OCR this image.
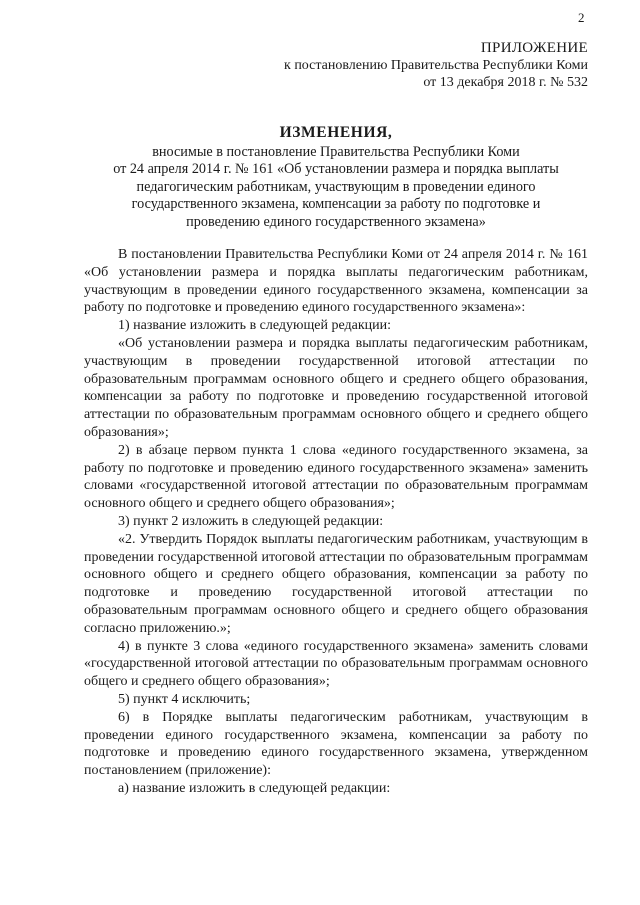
2
ПРИЛОЖЕНИЕ
к постановлению Правительства Республики Коми
от 13 декабря 2018 г. № 532
ИЗМЕНЕНИЯ,
вносимые в постановление Правительства Республики Коми
от 24 апреля 2014 г. № 161 «Об установлении размера и порядка выплаты
педагогическим работникам, участвующим в проведении единого
государственного экзамена, компенсации за работу по подготовке и
проведению единого государственного экзамена»

В постановлении Правительства Республики Коми от 24 апреля 2014 г. № 161 «Об установлении размера и порядка выплаты педагогическим работникам, участвующим в проведении единого государственного экзамена, компенсации за работу по подготовке и проведению единого государственного экзамена»:

1) название изложить в следующей редакции:

«Об установлении размера и порядка выплаты педагогическим работникам, участвующим в проведении государственной итоговой аттестации по образовательным программам основного общего и среднего общего образования, компенсации за работу по подготовке и проведению государственной итоговой аттестации по образовательным программам основного общего и среднего общего образования»;

2) в абзаце первом пункта 1 слова «единого государственного экзамена, за работу по подготовке и проведению единого государственного экзамена» заменить словами «государственной итоговой аттестации по образовательным программам основного общего и среднего общего образования»;

3) пункт 2 изложить в следующей редакции:

«2. Утвердить Порядок выплаты педагогическим работникам, участвующим в проведении государственной итоговой аттестации по образовательным программам основного общего и среднего общего образования, компенсации за работу по подготовке и проведению государственной итоговой аттестации по образовательным программам основного общего и среднего общего образования согласно приложению.»;

4) в пункте 3 слова «единого государственного экзамена» заменить словами «государственной итоговой аттестации по образовательным программам основного общего и среднего общего образования»;

5) пункт 4 исключить;

6) в Порядке выплаты педагогическим работникам, участвующим в проведении единого государственного экзамена, компенсации за работу по подготовке и проведению единого государственного экзамена, утвержденном постановлением (приложение):

а) название изложить в следующей редакции:
